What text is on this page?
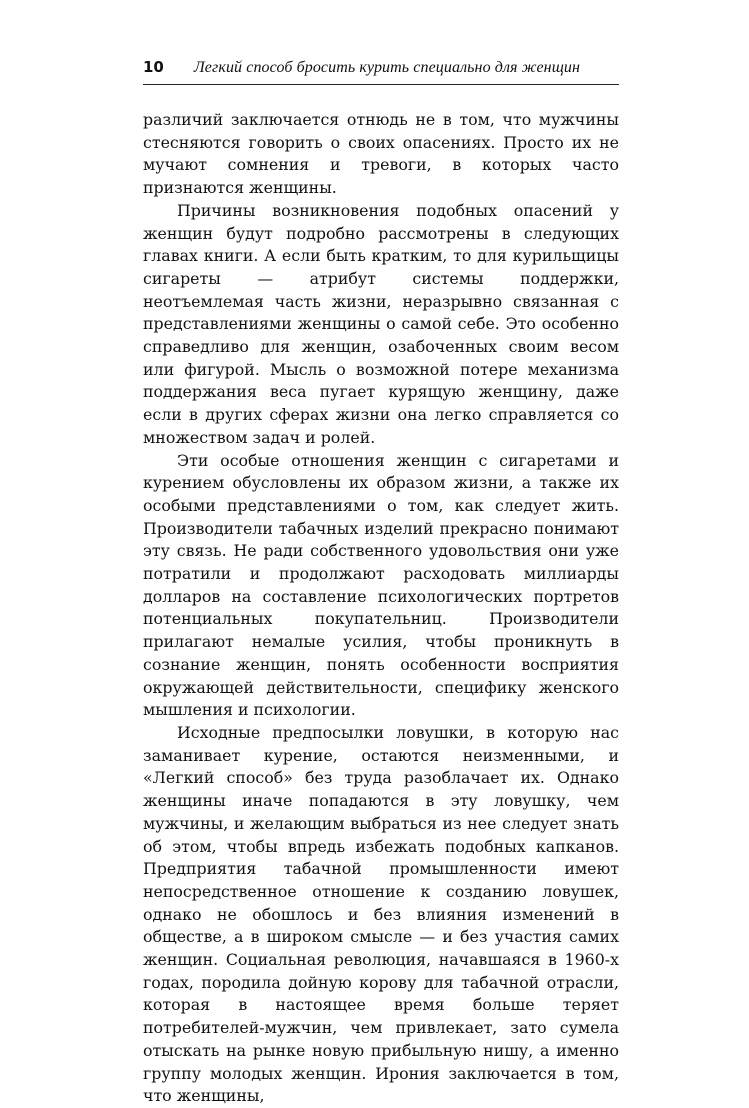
10 Легкий способ бросить курить специально для женщин

различий заключается отнюдь не в том, что мужчины стесняются говорить о своих опасениях. Просто их не мучают сомнения и тревоги, в которых часто признаются женщины.

Причины возникновения подобных опасений у женщин будут подробно рассмотрены в следующих главах книги. А если быть кратким, то для курильщицы сигареты — атрибут системы поддержки, неотъемлемая часть жизни, неразрывно связанная с представлениями женщины о самой себе. Это особенно справедливо для женщин, озабоченных своим весом или фигурой. Мысль о возможной потере механизма поддержания веса пугает курящую женщину, даже если в других сферах жизни она легко справляется со множеством задач и ролей.

Эти особые отношения женщин с сигаретами и курением обусловлены их образом жизни, а также их особыми представлениями о том, как следует жить. Производители табачных изделий прекрасно понимают эту связь. Не ради собственного удовольствия они уже потратили и продолжают расходовать миллиарды долларов на составление психологических портретов потенциальных покупательниц. Производители прилагают немалые усилия, чтобы проникнуть в сознание женщин, понять особенности восприятия окружающей действительности, специфику женского мышления и психологии.

Исходные предпосылки ловушки, в которую нас заманивает курение, остаются неизменными, и «Легкий способ» без труда разоблачает их. Однако женщины иначе попадаются в эту ловушку, чем мужчины, и желающим выбраться из нее следует знать об этом, чтобы впредь избежать подобных капканов. Предприятия табачной промышленности имеют непосредственное отношение к созданию ловушек, однако не обошлось и без влияния изменений в обществе, а в широком смысле — и без участия самих женщин. Социальная революция, начавшаяся в 1960-х годах, породила дойную корову для табачной отрасли, которая в настоящее время больше теряет потребителей-мужчин, чем привлекает, зато сумела отыскать на рынке новую прибыльную нишу, а именно группу молодых женщин. Ирония заключается в том, что женщины,
